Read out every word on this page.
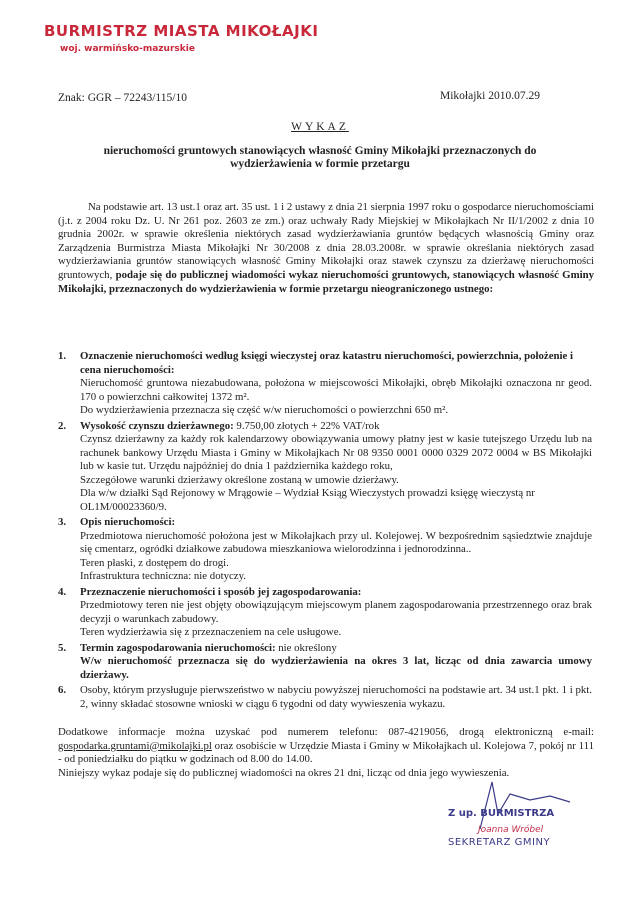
BURMISTRZ MIASTA MIKOŁAJKI
woj. warmińsko-mazurskie
Znak: GGR – 72243/115/10	Mikołajki 2010.07.29
WYKAZ
nieruchomości gruntowych stanowiących własność Gminy Mikołajki przeznaczonych do
wydzierżawienia w formie przetargu
Na podstawie art. 13 ust.1 oraz art. 35 ust. 1 i 2 ustawy z dnia 21 sierpnia 1997 roku o gospodarce nieruchomościami (j.t. z 2004 roku Dz. U. Nr 261 poz. 2603 ze zm.) oraz uchwały Rady Miejskiej w Mikołajkach Nr II/1/2002 z dnia 10 grudnia 2002r. w sprawie określenia niektórych zasad wydzierżawiania gruntów będących własnością Gminy oraz Zarządzenia Burmistrza Miasta Mikołajki Nr 30/2008 z dnia 28.03.2008r. w sprawie określania niektórych zasad wydzierżawiania gruntów stanowiących własność Gminy Mikołajki oraz stawek czynszu za dzierżawę nieruchomości gruntowych, podaje się do publicznej wiadomości wykaz nieruchomości gruntowych, stanowiących własność Gminy Mikołajki, przeznaczonych do wydzierżawienia w formie przetargu nieograniczonego ustnego:
1. Oznaczenie nieruchomości według księgi wieczystej oraz katastru nieruchomości, powierzchnia, położenie i cena nieruchomości:
Nieruchomość gruntowa niezabudowana, położona w miejscowości Mikołajki, obręb Mikołajki oznaczona nr geod. 170 o powierzchni całkowitej 1372 m².
Do wydzierżawienia przeznacza się część w/w nieruchomości o powierzchni 650 m².
2. Wysokość czynszu dzierżawnego: 9.750,00 złotych + 22% VAT/rok
Czynsz dzierżawny za każdy rok kalendarzowy obowiązywania umowy płatny jest w kasie tutejszego Urzędu lub na rachunek bankowy Urzędu Miasta i Gminy w Mikołajkach Nr 08 9350 0001 0000 0329 2072 0004 w BS Mikołajki lub w kasie tut. Urzędu najpóźniej do dnia 1 października każdego roku,
Szczegółowe warunki dzierżawy określone zostaną w umowie dzierżawy.
Dla w/w działki Sąd Rejonowy w Mrągowie – Wydział Ksiąg Wieczystych prowadzi księgę wieczystą nr OL1M/00023360/9.
3. Opis nieruchomości:
Przedmiotowa nieruchomość położona jest w Mikołajkach przy ul. Kolejowej. W bezpośrednim sąsiedztwie znajduje się cmentarz, ogródki działkowe zabudowa mieszkaniowa wielorodzinna i jednorodzinna..
Teren płaski, z dostępem do drogi.
Infrastruktura techniczna: nie dotyczy.
4. Przeznaczenie nieruchomości i sposób jej zagospodarowania:
Przedmiotowy teren nie jest objęty obowiązującym miejscowym planem zagospodarowania przestrzennego oraz brak decyzji o warunkach zabudowy.
Teren wydzierżawia się z przeznaczeniem na cele usługowe.
5. Termin zagospodarowania nieruchomości: nie określony
W/w nieruchomość przeznacza się do wydzierżawienia na okres 3 lat, licząc od dnia zawarcia umowy dzierżawy.
6. Osoby, którym przysługuje pierwszeństwo w nabyciu powyższej nieruchomości na podstawie art. 34 ust.1 pkt. 1 i pkt. 2, winny składać stosowne wnioski w ciągu 6 tygodni od daty wywieszenia wykazu.
Dodatkowe informacje można uzyskać pod numerem telefonu: 087-4219056, drogą elektroniczną e-mail: gospodarka.gruntami@mikolajki.pl oraz osobiście w Urzędzie Miasta i Gminy w Mikołajkach ul. Kolejowa 7, pokój nr 111 - od poniedziałku do piątku w godzinach od 8.00 do 14.00.
Niniejszy wykaz podaje się do publicznej wiadomości na okres 21 dni, licząc od dnia jego wywieszenia.
Z up. BURMISTRZA
Joanna Wróbel
SEKRETARZ GMINY
